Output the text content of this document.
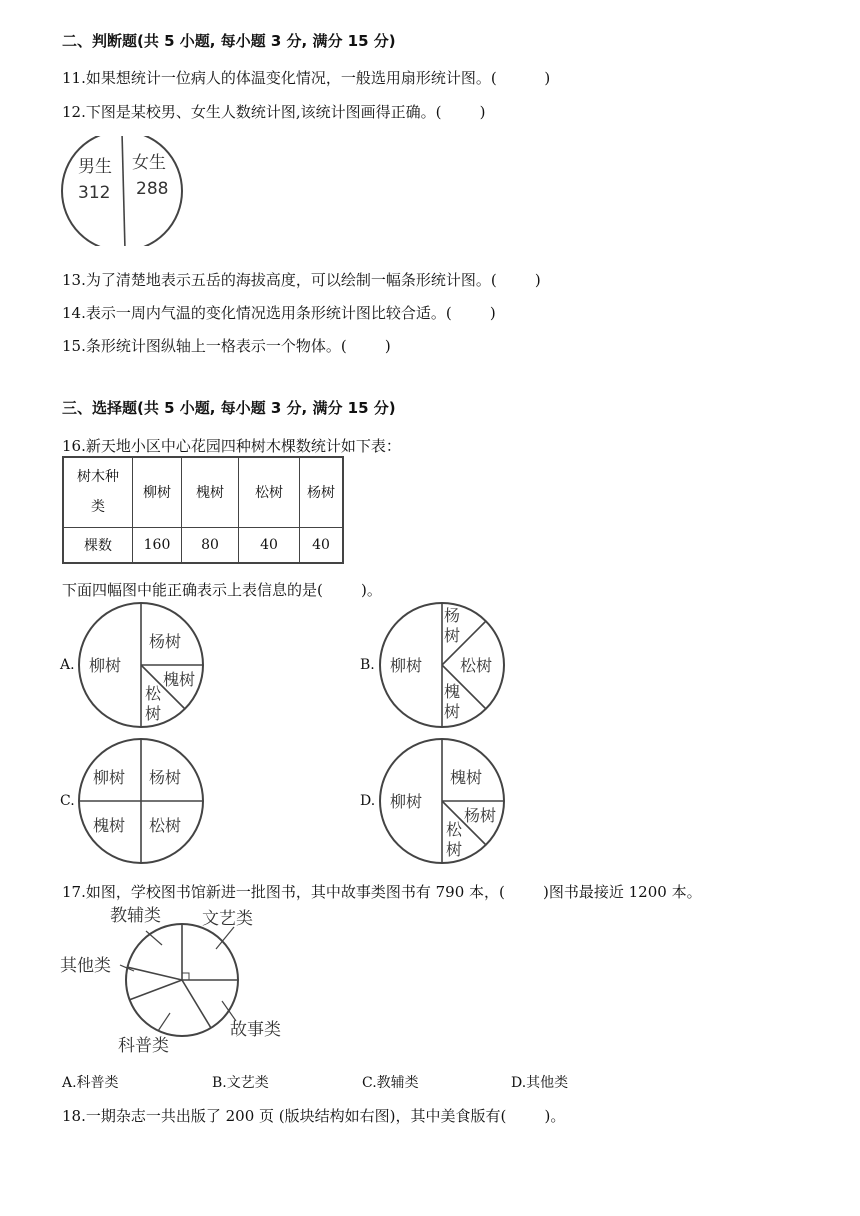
二、判断题(共 5 小题, 每小题 3 分, 满分 15 分)
11.如果想统计一位病人的体温变化情况，一般选用扇形统计图。(          )
12.下图是某校男、女生人数统计图,该统计图画得正确。(        )
男生
312
女生
288
13.为了清楚地表示五岳的海拔高度，可以绘制一幅条形统计图。(        )
14.表示一周内气温的变化情况选用条形统计图比较合适。(        )
15.条形统计图纵轴上一格表示一个物体。(        )
三、选择题(共 5 小题, 每小题 3 分, 满分 15 分)
16.新天地小区中心花园四种树木棵数统计如下表：
树木种
类	柳树	槐树	松树	杨树
棵数	160	80	40	40
下面四幅图中能正确表示上表信息的是(        )。
A. 柳树
杨树
槐树
松
树
B. 柳树
杨
树
松树
槐
树
C.
柳树 杨树
槐树 松树
D. 柳树
槐树
杨树
松
树
17.如图，学校图书馆新进一批图书，其中故事类图书有 790 本，(        )图书最接近 1200 本。
教辅类 文艺类
其他类
故事类
科普类
A.科普类	B.文艺类	C.教辅类	D.其他类
18.一期杂志一共出版了 200 页 (版块结构如右图)，其中美食版有(        )。
